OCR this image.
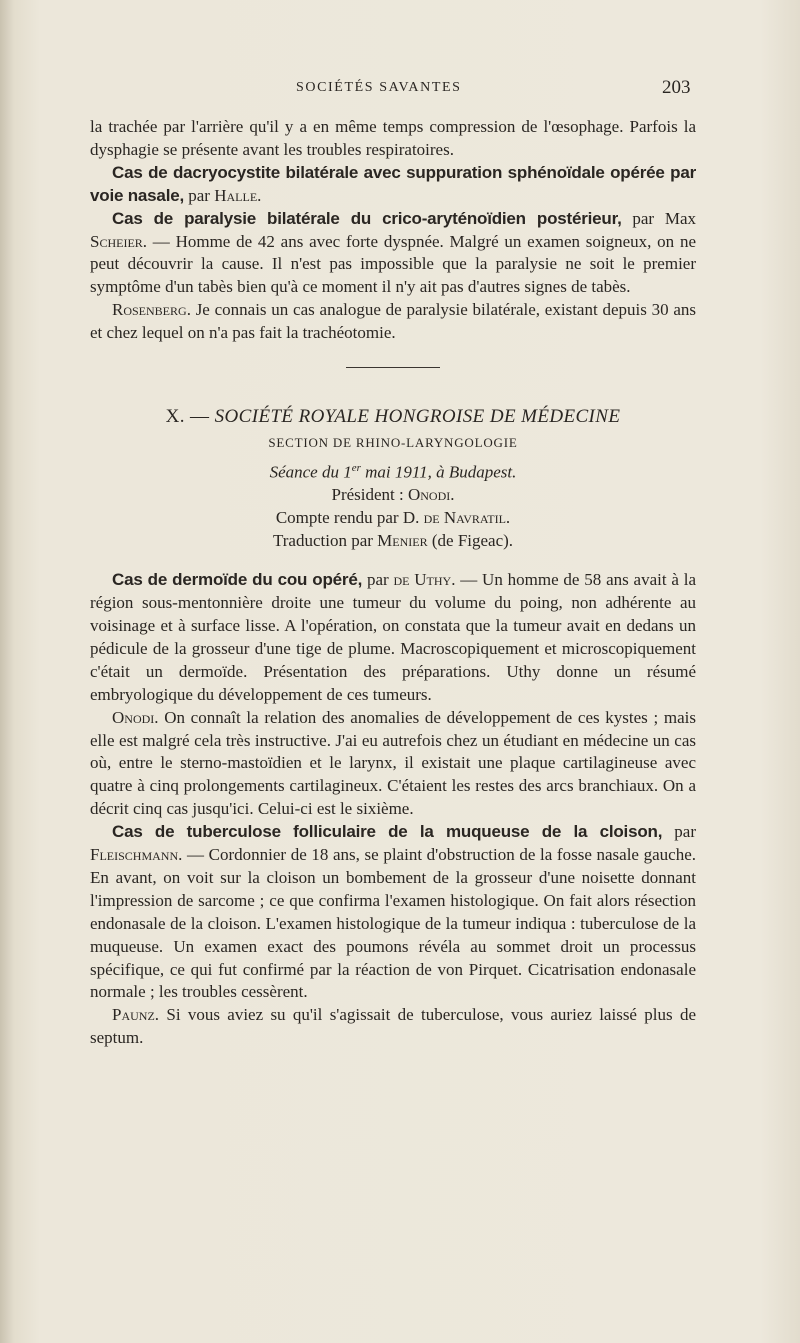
SOCIÉTÉS SAVANTES	203

la trachée par l'arrière qu'il y a en même temps compression de l'œsophage. Parfois la dysphagie se présente avant les troubles respiratoires.

Cas de dacryocystite bilatérale avec suppuration sphénoïdale opérée par voie nasale, par Halle.

Cas de paralysie bilatérale du crico-aryténoïdien postérieur, par Max Scheier. — Homme de 42 ans avec forte dyspnée. Malgré un examen soigneux, on ne peut découvrir la cause. Il n'est pas impossible que la paralysie ne soit le premier symptôme d'un tabès bien qu'à ce moment il n'y ait pas d'autres signes de tabès.

Rosenberg. Je connais un cas analogue de paralysie bilatérale, existant depuis 30 ans et chez lequel on n'a pas fait la trachéotomie.

X. — SOCIÉTÉ ROYALE HONGROISE DE MÉDECINE
SECTION DE RHINO-LARYNGOLOGIE
Séance du 1er mai 1911, à Budapest.
Président : Onodi.
Compte rendu par D. de Navratil.
Traduction par Menier (de Figeac).

Cas de dermoïde du cou opéré, par de Uthy. — Un homme de 58 ans avait à la région sous-mentonnière droite une tumeur du volume du poing, non adhérente au voisinage et à surface lisse. A l'opération, on constata que la tumeur avait en dedans un pédicule de la grosseur d'une tige de plume. Macroscopiquement et microscopiquement c'était un dermoïde. Présentation des préparations. Uthy donne un résumé embryologique du développement de ces tumeurs.

Onodi. On connaît la relation des anomalies de développement de ces kystes ; mais elle est malgré cela très instructive. J'ai eu autrefois chez un étudiant en médecine un cas où, entre le sterno-mastoïdien et le larynx, il existait une plaque cartilagineuse avec quatre à cinq prolongements cartilagineux. C'étaient les restes des arcs branchiaux. On a décrit cinq cas jusqu'ici. Celui-ci est le sixième.

Cas de tuberculose folliculaire de la muqueuse de la cloison, par Fleischmann. — Cordonnier de 18 ans, se plaint d'obstruction de la fosse nasale gauche. En avant, on voit sur la cloison un bombement de la grosseur d'une noisette donnant l'impression de sarcome ; ce que confirma l'examen histologique. On fait alors résection endonasale de la cloison. L'examen histologique de la tumeur indiqua : tuberculose de la muqueuse. Un examen exact des poumons révéla au sommet droit un processus spécifique, ce qui fut confirmé par la réaction de von Pirquet. Cicatrisation endonasale normale ; les troubles cessèrent.

Paunz. Si vous aviez su qu'il s'agissait de tuberculose, vous auriez laissé plus de septum.
